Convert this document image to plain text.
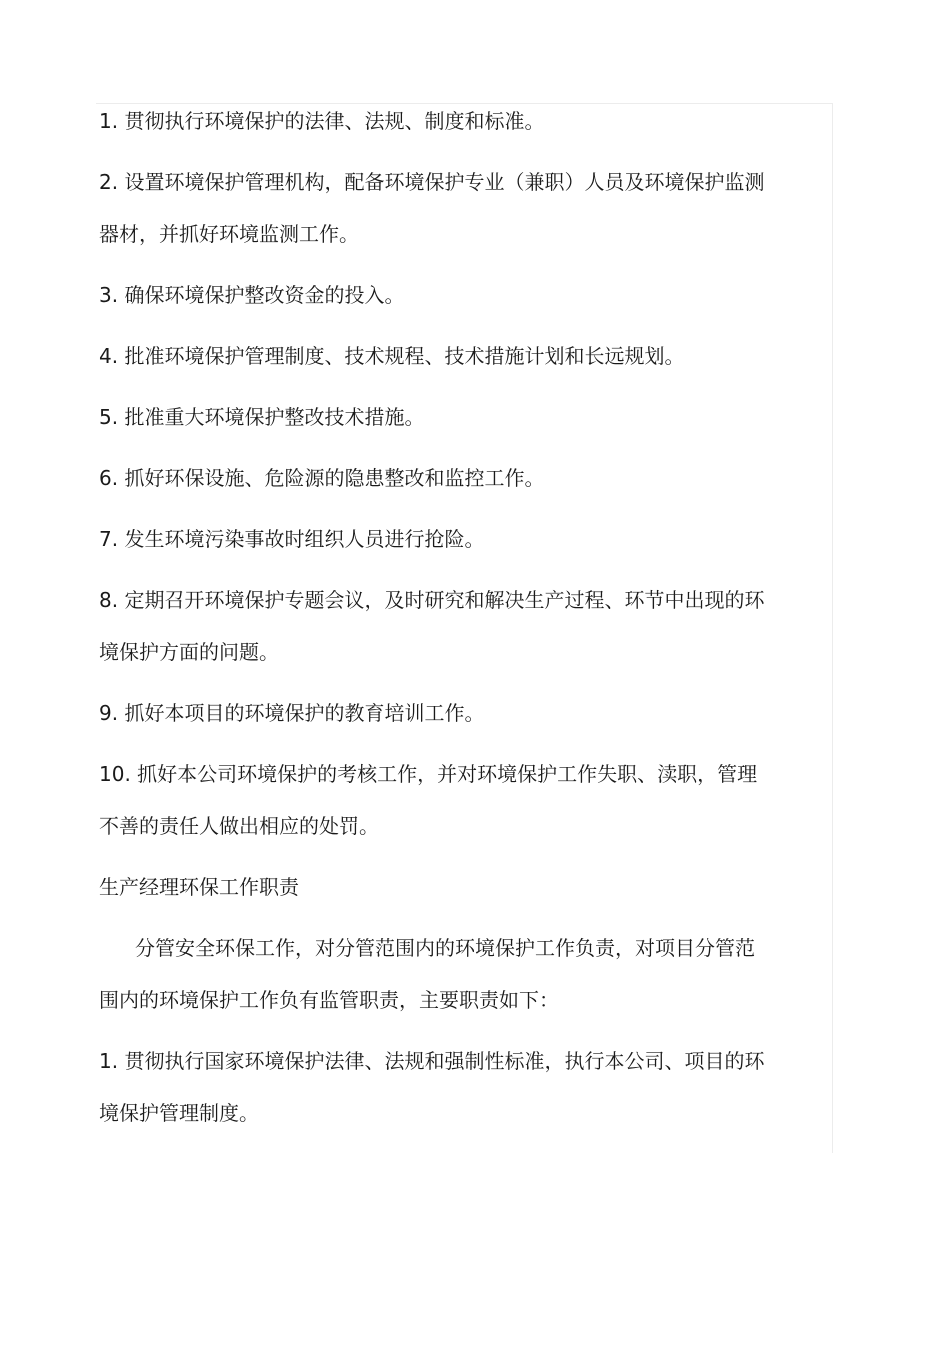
1. 贯彻执行环境保护的法律、法规、制度和标准。

2. 设置环境保护管理机构，配备环境保护专业（兼职）人员及环境保护监测
器材，并抓好环境监测工作。

3. 确保环境保护整改资金的投入。

4. 批准环境保护管理制度、技术规程、技术措施计划和长远规划。

5. 批准重大环境保护整改技术措施。

6. 抓好环保设施、危险源的隐患整改和监控工作。

7. 发生环境污染事故时组织人员进行抢险。

8. 定期召开环境保护专题会议，及时研究和解决生产过程、环节中出现的环
境保护方面的问题。

9. 抓好本项目的环境保护的教育培训工作。

10. 抓好本公司环境保护的考核工作，并对环境保护工作失职、渎职，管理
不善的责任人做出相应的处罚。

生产经理环保工作职责

分管安全环保工作，对分管范围内的环境保护工作负责，对项目分管范
围内的环境保护工作负有监管职责，主要职责如下：

1. 贯彻执行国家环境保护法律、法规和强制性标准，执行本公司、项目的环
境保护管理制度。
